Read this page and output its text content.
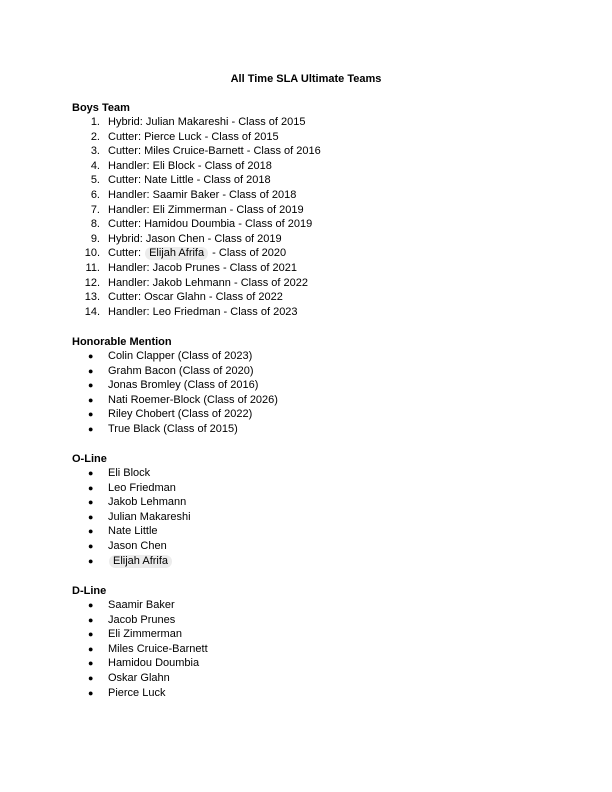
All Time SLA Ultimate Teams
Boys Team
1. Hybrid: Julian Makareshi - Class of 2015
2. Cutter: Pierce Luck - Class of 2015
3. Cutter: Miles Cruice-Barnett - Class of 2016
4. Handler: Eli Block - Class of 2018
5. Cutter: Nate Little - Class of 2018
6. Handler: Saamir Baker - Class of 2018
7. Handler: Eli Zimmerman - Class of 2019
8. Cutter: Hamidou Doumbia - Class of 2019
9. Hybrid: Jason Chen - Class of 2019
10. Cutter: Elijah Afrifa - Class of 2020
11. Handler: Jacob Prunes - Class of 2021
12. Handler: Jakob Lehmann - Class of 2022
13. Cutter: Oscar Glahn - Class of 2022
14. Handler: Leo Friedman - Class of 2023
Honorable Mention
●	Colin Clapper (Class of 2023)
●	Grahm Bacon (Class of 2020)
●	Jonas Bromley (Class of 2016)
●	Nati Roemer-Block (Class of 2026)
●	Riley Chobert (Class of 2022)
●	True Black (Class of 2015)
O-Line
●	Eli Block
●	Leo Friedman
●	Jakob Lehmann
●	Julian Makareshi
●	Nate Little
●	Jason Chen
●	Elijah Afrifa
D-Line
●	Saamir Baker
●	Jacob Prunes
●	Eli Zimmerman
●	Miles Cruice-Barnett
●	Hamidou Doumbia
●	Oskar Glahn
●	Pierce Luck
